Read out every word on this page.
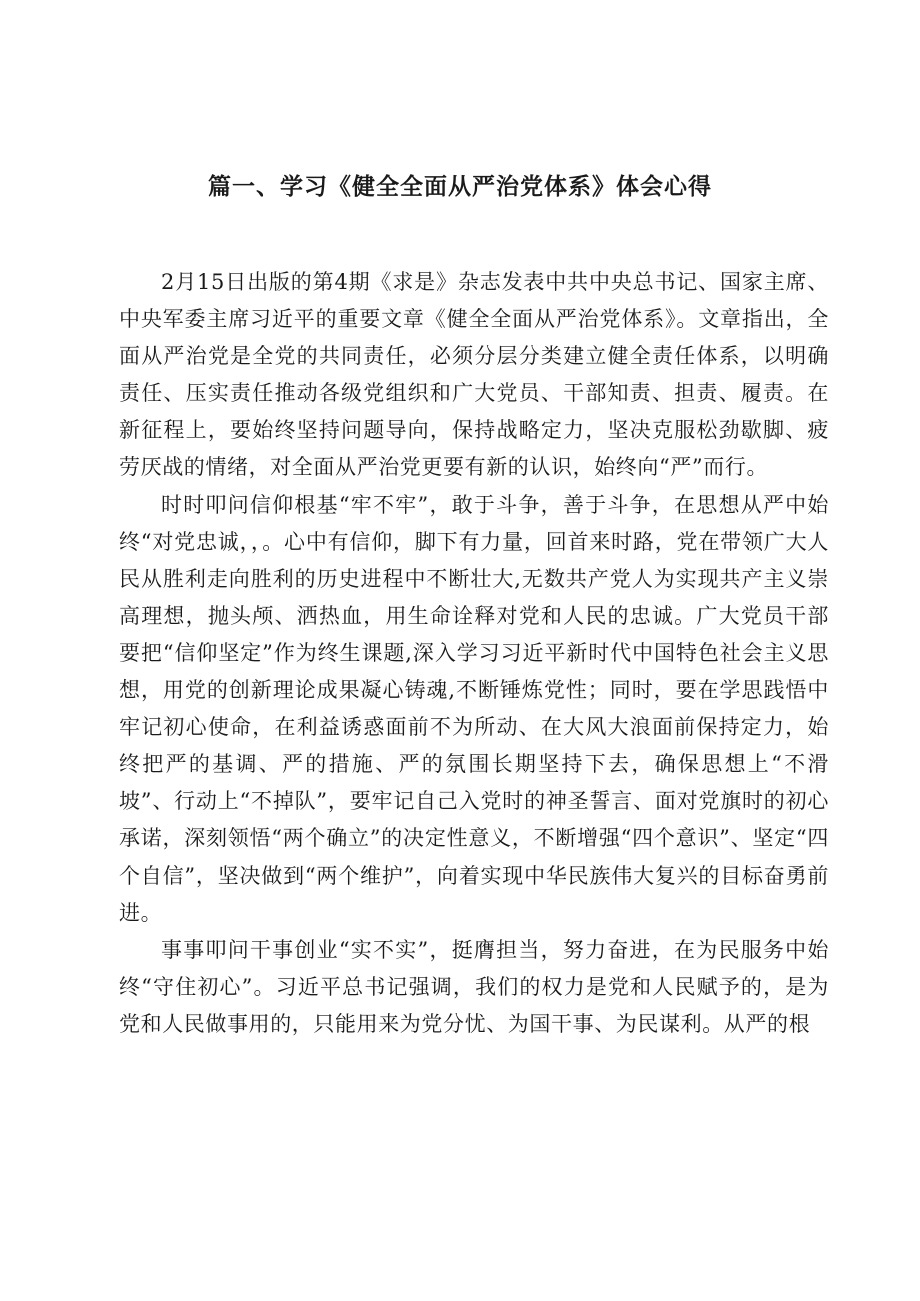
篇一、学习《健全全面从严治党体系》体会心得

2月15日出版的第4期《求是》杂志发表中共中央总书记、国家主席、中央军委主席习近平的重要文章《健全全面从严治党体系》。文章指出，全面从严治党是全党的共同责任，必须分层分类建立健全责任体系，以明确责任、压实责任推动各级党组织和广大党员、干部知责、担责、履责。在新征程上，要始终坚持问题导向，保持战略定力，坚决克服松劲歇脚、疲劳厌战的情绪，对全面从严治党更要有新的认识，始终向“严”而行。

时时叩问信仰根基“牢不牢”，敢于斗争，善于斗争，在思想从严中始终“对党忠诚，，。心中有信仰，脚下有力量，回首来时路，党在带领广大人民从胜利走向胜利的历史进程中不断壮大,无数共产党人为实现共产主义崇高理想，抛头颅、洒热血，用生命诠释对党和人民的忠诚。广大党员干部要把“信仰坚定”作为终生课题,深入学习习近平新时代中国特色社会主义思想，用党的创新理论成果凝心铸魂,不断锤炼党性；同时，要在学思践悟中牢记初心使命，在利益诱惑面前不为所动、在大风大浪面前保持定力，始终把严的基调、严的措施、严的氛围长期坚持下去，确保思想上“不滑坡”、行动上“不掉队”，要牢记自己入党时的神圣誓言、面对党旗时的初心承诺，深刻领悟“两个确立”的决定性意义，不断增强“四个意识”、坚定“四个自信”，坚决做到“两个维护”，向着实现中华民族伟大复兴的目标奋勇前进。

事事叩问干事创业“实不实”，挺膺担当，努力奋进，在为民服务中始终“守住初心”。习近平总书记强调，我们的权力是党和人民赋予的，是为党和人民做事用的，只能用来为党分忧、为国干事、为民谋利。从严的根
